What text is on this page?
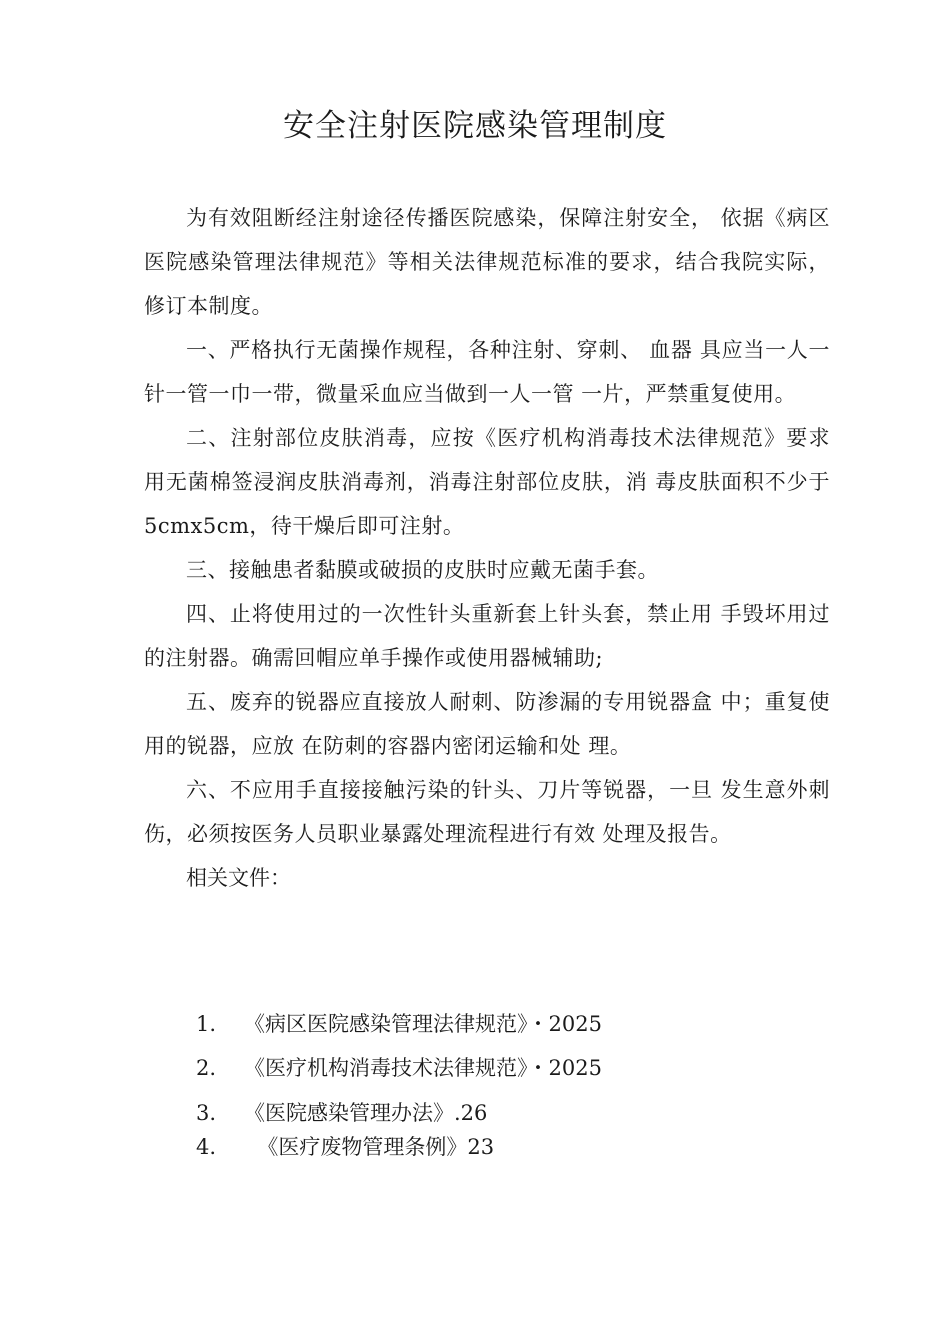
安全注射医院感染管理制度

为有效阻断经注射途径传播医院感染，保障注射安全， 依据《病区医院感染管理法律规范》等相关法律规范标准的要求，结合我院实际，修订本制度。

一、严格执行无菌操作规程，各种注射、穿刺、 血器 具应当一人一针一管一巾一带，微量采血应当做到一人一管 一片，严禁重复使用。

二、注射部位皮肤消毒，应按《医疗机构消毒技术法律规范》要求用无菌棉签浸润皮肤消毒剂，消毒注射部位皮肤，消 毒皮肤面积不少于5cmx5cm，待干燥后即可注射。

三、接触患者黏膜或破损的皮肤时应戴无菌手套。

四、止将使用过的一次性针头重新套上针头套，禁止用 手毁坏用过的注射器。确需回帽应单手操作或使用器械辅助;

五、废弃的锐器应直接放人耐刺、防渗漏的专用锐器盒 中；重复使用的锐器，应放 在防刺的容器内密闭运输和处 理。

六、不应用手直接接触污染的针头、刀片等锐器，一旦 发生意外刺伤，必须按医务人员职业暴露处理流程进行有效 处理及报告。

相关文件：

1. 《病区医院感染管理法律规范》・2025
2. 《医疗机构消毒技术法律规范》・2025
3. 《医院感染管理办法》.26
4.  《医疗废物管理条例》23
